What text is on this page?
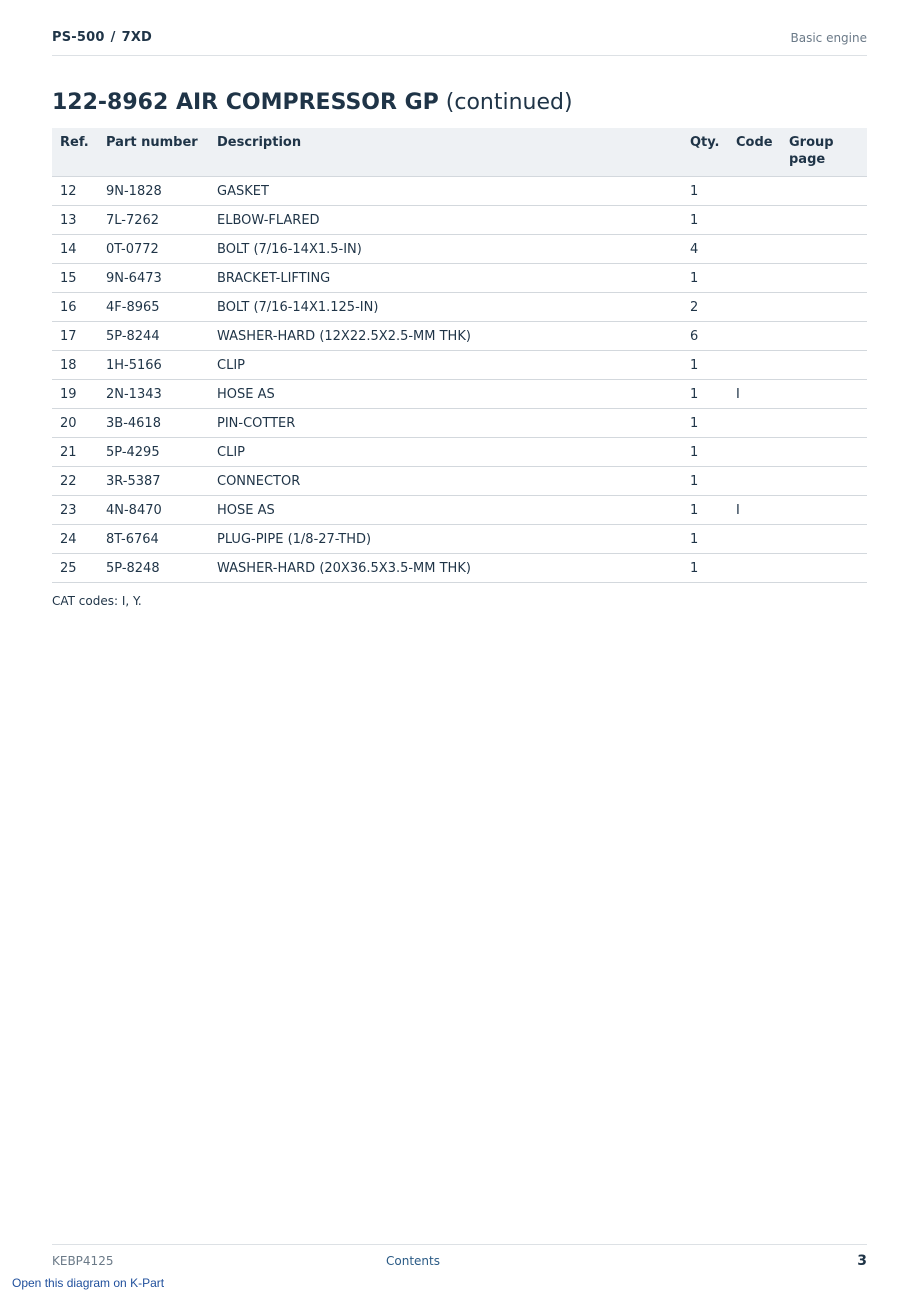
PS-500 / 7XD	Basic engine
122-8962 AIR COMPRESSOR GP (continued)
Ref.	Part number	Description	Qty.	Code	Group page

12	9N-1828	GASKET	1		
13	7L-7262	ELBOW-FLARED	1		
14	0T-0772	BOLT (7/16-14X1.5-IN)	4		
15	9N-6473	BRACKET-LIFTING	1		
16	4F-8965	BOLT (7/16-14X1.125-IN)	2		
17	5P-8244	WASHER-HARD (12X22.5X2.5-MM THK)	6		
18	1H-5166	CLIP	1		
19	2N-1343	HOSE AS	1	I	
20	3B-4618	PIN-COTTER	1		
21	5P-4295	CLIP	1		
22	3R-5387	CONNECTOR	1		
23	4N-8470	HOSE AS	1	I	
24	8T-6764	PLUG-PIPE (1/8-27-THD)	1		
25	5P-8248	WASHER-HARD (20X36.5X3.5-MM THK)	1		
CAT codes: I, Y.
KEBP4125	Contents	3
Open this diagram on K-Part
